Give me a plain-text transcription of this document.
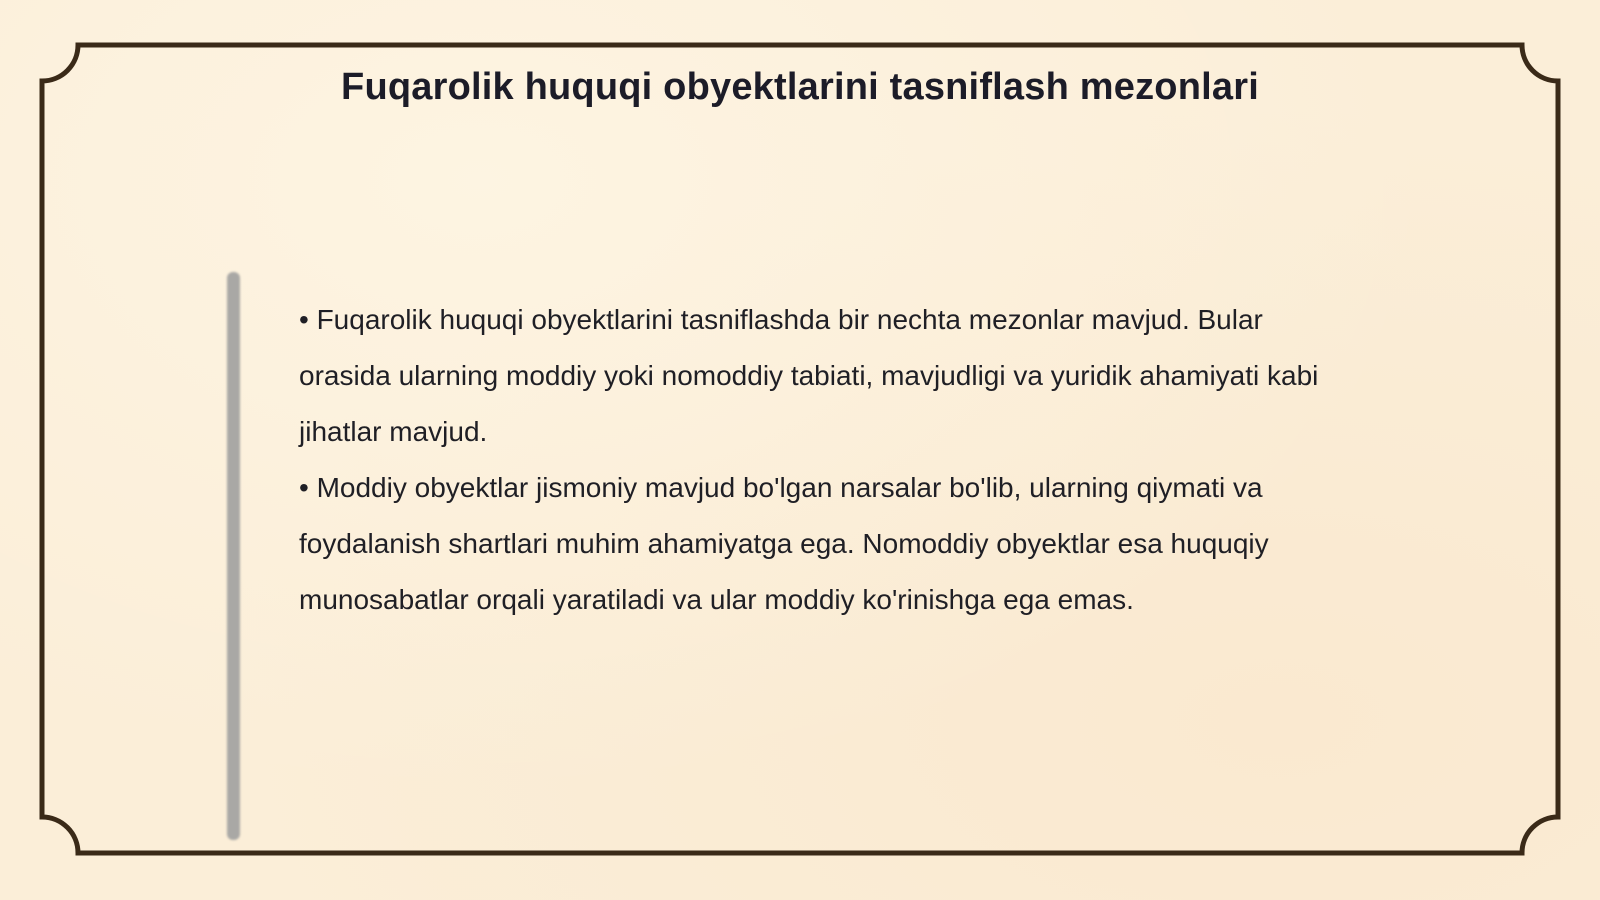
Fuqarolik huquqi obyektlarini tasniflash mezonlari

• Fuqarolik huquqi obyektlarini tasniflashda bir nechta mezonlar mavjud. Bular orasida ularning moddiy yoki nomoddiy tabiati, mavjudligi va yuridik ahamiyati kabi jihatlar mavjud.

• Moddiy obyektlar jismoniy mavjud bo'lgan narsalar bo'lib, ularning qiymati va foydalanish shartlari muhim ahamiyatga ega. Nomoddiy obyektlar esa huquqiy munosabatlar orqali yaratiladi va ular moddiy ko'rinishga ega emas.
